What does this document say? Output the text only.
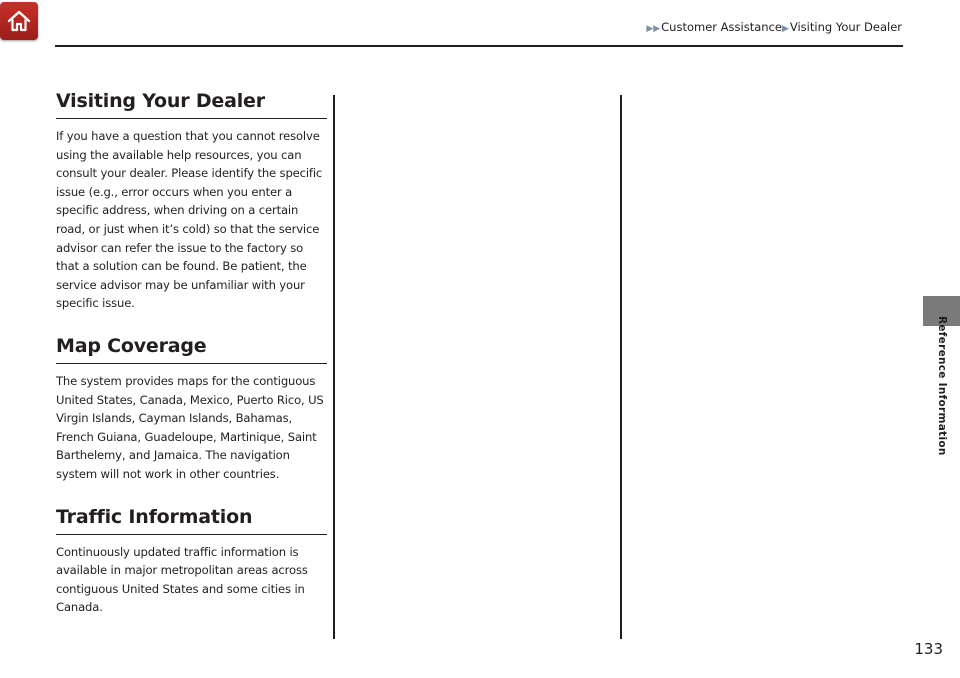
▶▶Customer Assistance▶Visiting Your Dealer
Reference Information
Visiting Your Dealer

If you have a question that you cannot resolve using the available help resources, you can consult your dealer. Please identify the specific issue (e.g., error occurs when you enter a specific address, when driving on a certain road, or just when it’s cold) so that the service advisor can refer the issue to the factory so that a solution can be found. Be patient, the service advisor may be unfamiliar with your specific issue.

Map Coverage

The system provides maps for the contiguous United States, Canada, Mexico, Puerto Rico, US Virgin Islands, Cayman Islands, Bahamas, French Guiana, Guadeloupe, Martinique, Saint Barthelemy, and Jamaica. The navigation system will not work in other countries.

Traffic Information

Continuously updated traffic information is available in major metropolitan areas across contiguous United States and some cities in Canada.

133
